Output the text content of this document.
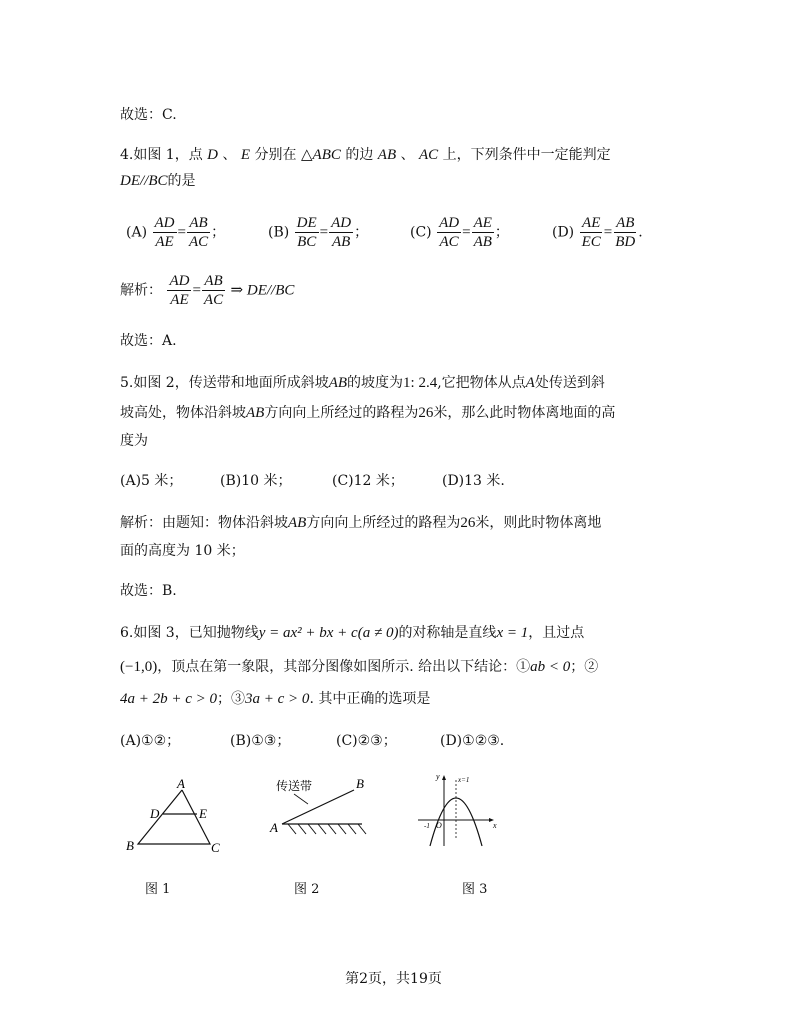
故选：C.
4.如图 1，点 D 、 E 分别在 △ABC 的边 AB 、 AC 上，下列条件中一定能判定
DE//BC的是
$(A) \frac{AD}{AE} = \frac{AB}{AC}$ ；	$(B) \frac{DE}{BC} = \frac{AD}{AB}$ ；	$(C) \frac{AD}{AC} = \frac{AE}{AB}$ ；	$(D) \frac{AE}{EC} = \frac{AB}{BD}$ .
解析： $\frac{AD}{AE} = \frac{AB}{AC}$ ⇒ DE//BC
故选：A.
5.如图 2，传送带和地面所成斜坡AB的坡度为1: 2.4,它把物体从点A处传送到斜
坡高处，物体沿斜坡AB方向向上所经过的路程为26米，那么此时物体离地面的高
度为
(A)5 米；	(B)10 米；	(C)12 米；	(D)13 米.
解析：由题知：物体沿斜坡AB方向向上所经过的路程为26米，则此时物体离地
面的高度为 10 米；
故选：B.
6.如图 3，已知抛物线y = ax² + bx + c(a ≠ 0)的对称轴是直线x = 1，且过点
(−1,0)，顶点在第一象限，其部分图像如图所示. 给出以下结论：①ab < 0；②
4a + 2b + c > 0；③3a + c > 0. 其中正确的选项是
(A)①②；	(B)①③；	(C)②③；	(D)①②③.
A
D	E
B	C
图 1
传送带
A
B
图 2
y
x
x=1
O
-1
图 3
第2页，共19页
